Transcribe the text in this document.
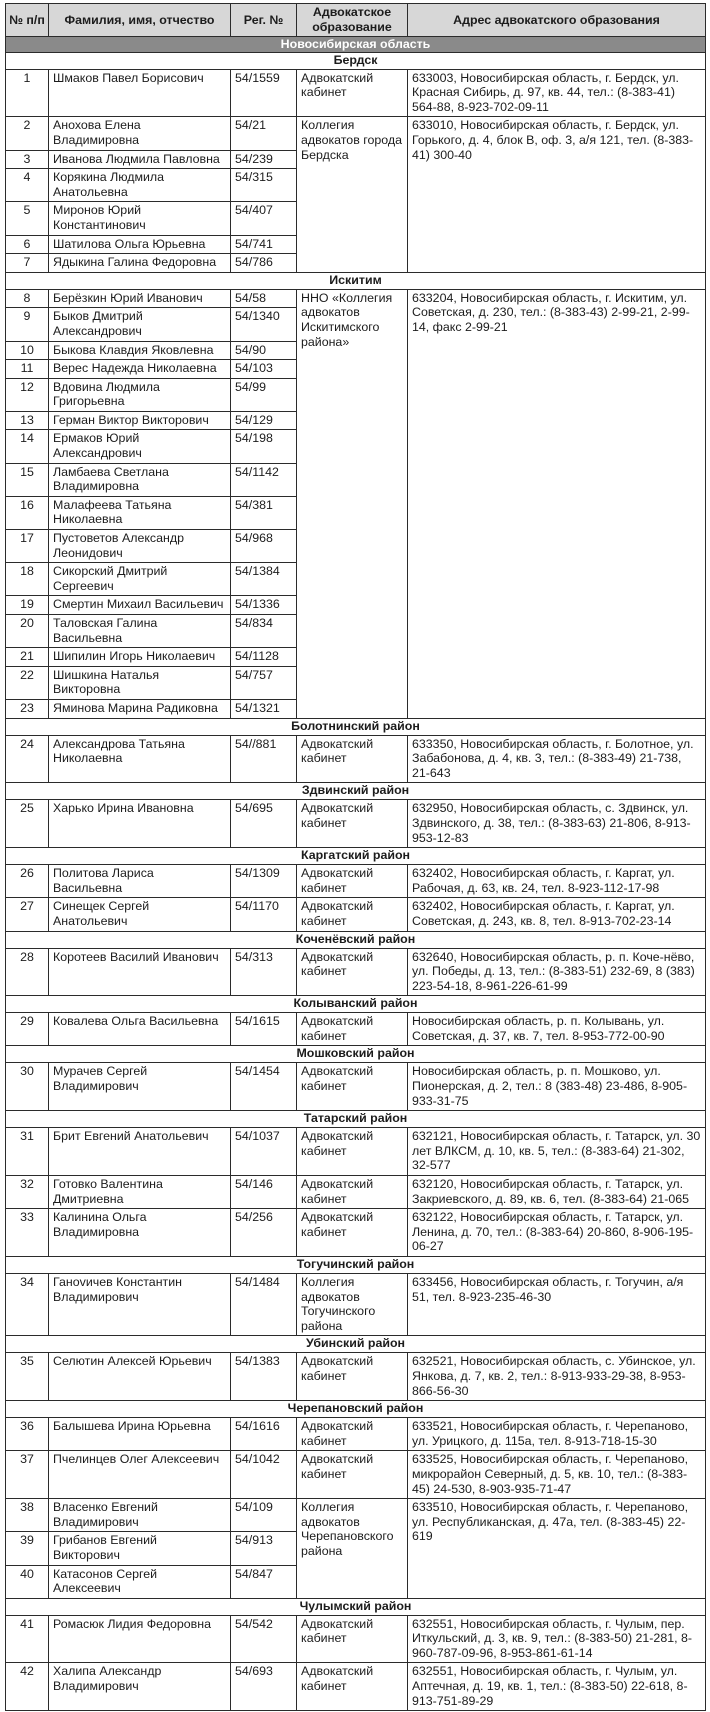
№ п/п	Фамилия, имя, отчество	Рег. №	Адвокатское образование	Адрес адвокатского образования
Новосибирская область				
Бердск				
1	Шмаков Павел Борисович	54/1559	Адвокатский кабинет	633003, Новосибирская область, г. Бердск, ул. Красная Сибирь, д. 97, кв. 44, тел.: (8-383-41) 564-88, 8-923-702-09-11
2	Анохова Елена Владимировна	54/21	Коллегия адвокатов города Бердска	633010, Новосибирская область, г. Бердск, ул. Горького, д. 4, блок В, оф. 3, а/я 121, тел. (8-383-41) 300-40
3	Иванова Людмила Павловна	54/239		
4	Корякина Людмила Анатольевна	54/315		
5	Миронов Юрий Константинович	54/407		
6	Шатилова Ольга Юрьевна	54/741		
7	Ядыкина Галина Федоровна	54/786		
Искитим				
8	Берёзкин Юрий Иванович	54/58	ННО «Коллегия адвокатов Искитимского района»	633204, Новосибирская область, г. Искитим, ул. Советская, д. 230, тел.: (8-383-43) 2-99-21, 2-99-14, факс 2-99-21
9	Быков Дмитрий Александрович	54/1340		
10	Быкова Клавдия Яковлевна	54/90		
11	Верес Надежда Николаевна	54/103		
12	Вдовина Людмила Григорьевна	54/99		
13	Герман Виктор Викторович	54/129		
14	Ермаков Юрий Александрович	54/198		
15	Ламбаева Светлана Владимировна	54/1142		
16	Малафеева Татьяна Николаевна	54/381		
17	Пустоветов Александр Леонидович	54/968		
18	Сикорский Дмитрий Сергеевич	54/1384		
19	Смертин Михаил Васильевич	54/1336		
20	Таловская Галина Васильевна	54/834		
21	Шипилин Игорь Николаевич	54/1128		
22	Шишкина Наталья Викторовна	54/757		
23	Яминова Марина Радиковна	54/1321		
Болотнинский район				
24	Александрова Татьяна Николаевна	54//881	Адвокатский кабинет	633350, Новосибирская область, г. Болотное, ул. Забабонова, д. 4, кв. 3, тел.: (8-383-49) 21-738, 21-643
Здвинский район				
25	Харько Ирина Ивановна	54/695	Адвокатский кабинет	632950, Новосибирская область, с. Здвинск, ул. Здвинского, д. 38, тел.: (8-383-63) 21-806, 8-913-953-12-83
Каргатский район				
26	Политова Лариса Васильевна	54/1309	Адвокатский кабинет	632402, Новосибирская область, г. Каргат, ул. Рабочая, д. 63, кв. 24, тел. 8-923-112-17-98
27	Синещек Сергей Анатольевич	54/1170	Адвокатский кабинет	632402, Новосибирская область, г. Каргат, ул. Советская, д. 243, кв. 8, тел. 8-913-702-23-14
Коченёвский район				
28	Коротеев Василий Иванович	54/313	Адвокатский кабинет	632640, Новосибирская область, р. п. Коче-нёво, ул. Победы, д. 13, тел.: (8-383-51) 232-69, 8 (383) 223-54-18, 8-961-226-61-99
Колыванский район				
29	Ковалева Ольга Васильевна	54/1615	Адвокатский кабинет	Новосибирская область, р. п. Колывань, ул. Советская, д. 37, кв. 7, тел. 8-953-772-00-90
Мошковский район				
30	Мурачев Сергей Владимирович	54/1454	Адвокатский кабинет	Новосибирская область, р. п. Мошково, ул. Пионерская, д. 2, тел.: 8 (383-48) 23-486, 8-905-933-31-75
Татарский район				
31	Брит Евгений Анатольевич	54/1037	Адвокатский кабинет	632121, Новосибирская область, г. Татарск, ул. 30 лет ВЛКСМ, д. 10, кв. 5, тел.: (8-383-64) 21-302, 32-577
32	Готовко Валентина Дмитриевна	54/146	Адвокатский кабинет	632120, Новосибирская область, г. Татарск, ул. Закриевского, д. 89, кв. 6, тел. (8-383-64) 21-065
33	Калинина Ольга Владимировна	54/256	Адвокатский кабинет	632122, Новосибирская область, г. Татарск, ул. Ленина, д. 70, тел.: (8-383-64) 20-860, 8-906-195-06-27
Тогучинский район				
34	Ганоvичев Константин Владимирович	54/1484	Коллегия адвокатов Тогучинского района	633456, Новосибирская область, г. Тогучин, а/я 51, тел. 8-923-235-46-30
Убинский район				
35	Селютин Алексей Юрьевич	54/1383	Адвокатский кабинет	632521, Новосибирская область, с. Убинское, ул. Янкова, д. 7, кв. 2, тел.: 8-913-933-29-38, 8-953-866-56-30
Черепановский район				
36	Балышева Ирина Юрьевна	54/1616	Адвокатский кабинет	633521, Новосибирская область, г. Черепаново, ул. Урицкого, д. 115а, тел. 8-913-718-15-30
37	Пчелинцев Олег Алексеевич	54/1042	Адвокатский кабинет	633525, Новосибирская область, г. Черепаново, микрорайон Северный, д. 5, кв. 10, тел.: (8-383-45) 24-530, 8-903-935-71-47
38	Власенко Евгений Владимирович	54/109	Коллегия адвокатов Черепановского района	633510, Новосибирская область, г. Черепаново, ул. Республиканская, д. 47а, тел. (8-383-45) 22-619
39	Грибанов Евгений Викторович	54/913		
40	Катасонов Сергей Алексеевич	54/847		
Чулымский район				
41	Ромасюк Лидия Федоровна	54/542	Адвокатский кабинет	632551, Новосибирская область, г. Чулым, пер. Иткульский, д. 3, кв. 9, тел.: (8-383-50) 21-281, 8-960-787-09-96, 8-953-861-61-14
42	Халипа Александр Владимирович	54/693	Адвокатский кабинет	632551, Новосибирская область, г. Чулым, ул. Аптечная, д. 19, кв. 1, тел.: (8-383-50) 22-618, 8-913-751-89-29
